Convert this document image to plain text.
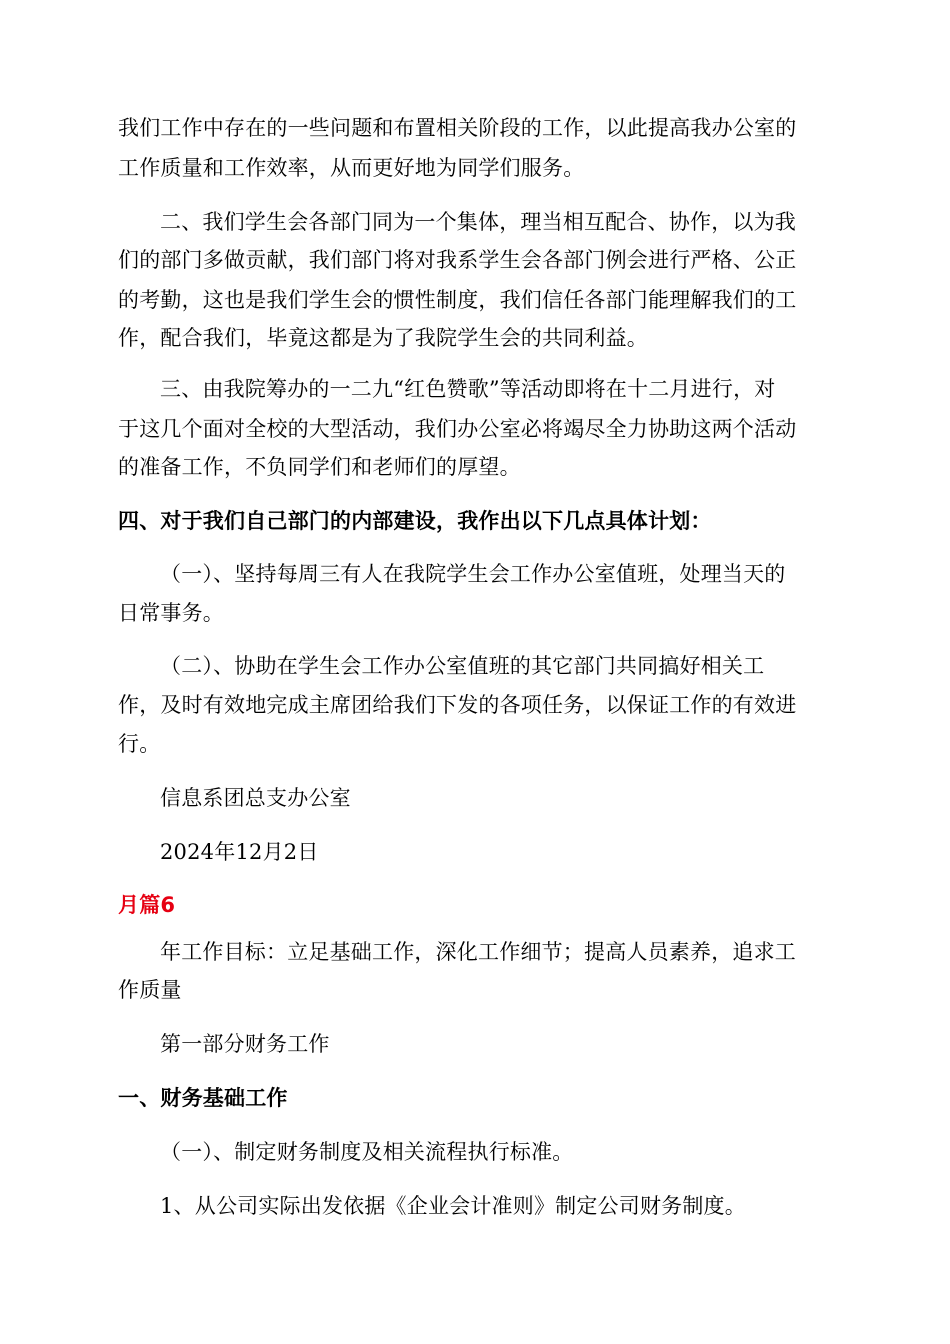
我们工作中存在的一些问题和布置相关阶段的工作，以此提高我办公室的
工作质量和工作效率，从而更好地为同学们服务。
二、我们学生会各部门同为一个集体，理当相互配合、协作，以为我
们的部门多做贡献，我们部门将对我系学生会各部门例会进行严格、公正
的考勤，这也是我们学生会的惯性制度，我们信任各部门能理解我们的工
作，配合我们，毕竟这都是为了我院学生会的共同利益。
三、由我院筹办的一二九“红色赞歌”等活动即将在十二月进行，对
于这几个面对全校的大型活动，我们办公室必将竭尽全力协助这两个活动
的准备工作，不负同学们和老师们的厚望。
四、对于我们自己部门的内部建设，我作出以下几点具体计划：
（一）、坚持每周三有人在我院学生会工作办公室值班，处理当天的
日常事务。
（二）、协助在学生会工作办公室值班的其它部门共同搞好相关工
作，及时有效地完成主席团给我们下发的各项任务，以保证工作的有效进
行。
信息系团总支办公室
2024年12月2日
月篇6
年工作目标：立足基础工作，深化工作细节；提高人员素养，追求工
作质量
第一部分财务工作
一、财务基础工作
（一）、制定财务制度及相关流程执行标准。
1、从公司实际出发依据《企业会计准则》制定公司财务制度。
